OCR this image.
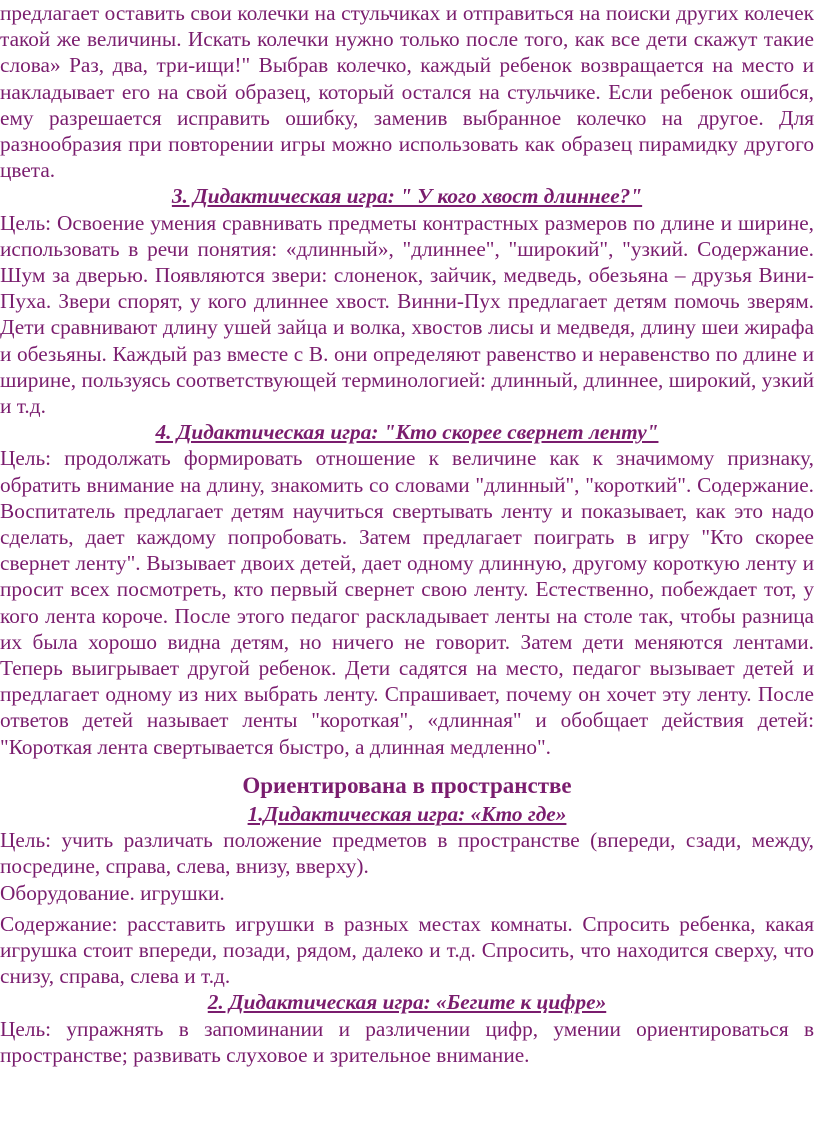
предлагает оставить свои колечки на стульчиках и отправиться на поиски других колечек такой же величины. Искать колечки нужно только после того, как все дети скажут такие слова» Раз, два, три-ищи!" Выбрав колечко, каждый ребенок возвращается на место и накладывает его на свой образец, который остался на стульчике. Если ребенок ошибся, ему разрешается исправить ошибку, заменив выбранное колечко на другое. Для разнообразия при повторении игры можно использовать как образец пирамидку другого цвета.

3. Дидактическая игра: " У кого хвост длиннее?"

Цель: Освоение умения сравнивать предметы контрастных размеров по длине и ширине, использовать в речи понятия: «длинный», "длиннее", "широкий", "узкий. Содержание. Шум за дверью. Появляются звери: слоненок, зайчик, медведь, обезьяна – друзья Вини-Пуха. Звери спорят, у кого длиннее хвост. Винни-Пух предлагает детям помочь зверям. Дети сравнивают длину ушей зайца и волка, хвостов лисы и медведя, длину шеи жирафа и обезьяны. Каждый раз вместе с В. они определяют равенство и неравенство по длине и ширине, пользуясь соответствующей терминологией: длинный, длиннее, широкий, узкий и т.д.

4. Дидактическая игра: "Кто скорее свернет ленту"

Цель: продолжать формировать отношение к величине как к значимому признаку, обратить внимание на длину, знакомить со словами "длинный", "короткий". Содержание. Воспитатель предлагает детям научиться свертывать ленту и показывает, как это надо сделать, дает каждому попробовать. Затем предлагает поиграть в игру "Кто скорее свернет ленту". Вызывает двоих детей, дает одному длинную, другому короткую ленту и просит всех посмотреть, кто первый свернет свою ленту. Естественно, побеждает тот, у кого лента короче. После этого педагог раскладывает ленты на столе так, чтобы разница их была хорошо видна детям, но ничего не говорит. Затем дети меняются лентами. Теперь выигрывает другой ребенок. Дети садятся на место, педагог вызывает детей и предлагает одному из них выбрать ленту. Спрашивает, почему он хочет эту ленту. После ответов детей называет ленты "короткая", «длинная" и обобщает действия детей: "Короткая лента свертывается быстро, а длинная медленно".

Ориентирована в пространстве
1.Дидактическая игра: «Кто где»

Цель: учить различать положение предметов в пространстве (впереди, сзади, между, посредине, справа, слева, внизу, вверху).

Оборудование. игрушки.

Содержание: расставить игрушки в разных местах комнаты. Спросить ребенка, какая игрушка стоит впереди, позади, рядом, далеко и т.д. Спросить, что находится сверху, что снизу, справа, слева и т.д.

2. Дидактическая игра: «Бегите к цифре»

Цель: упражнять в запоминании и различении цифр, умении ориентироваться в пространстве; развивать слуховое и зрительное внимание.
